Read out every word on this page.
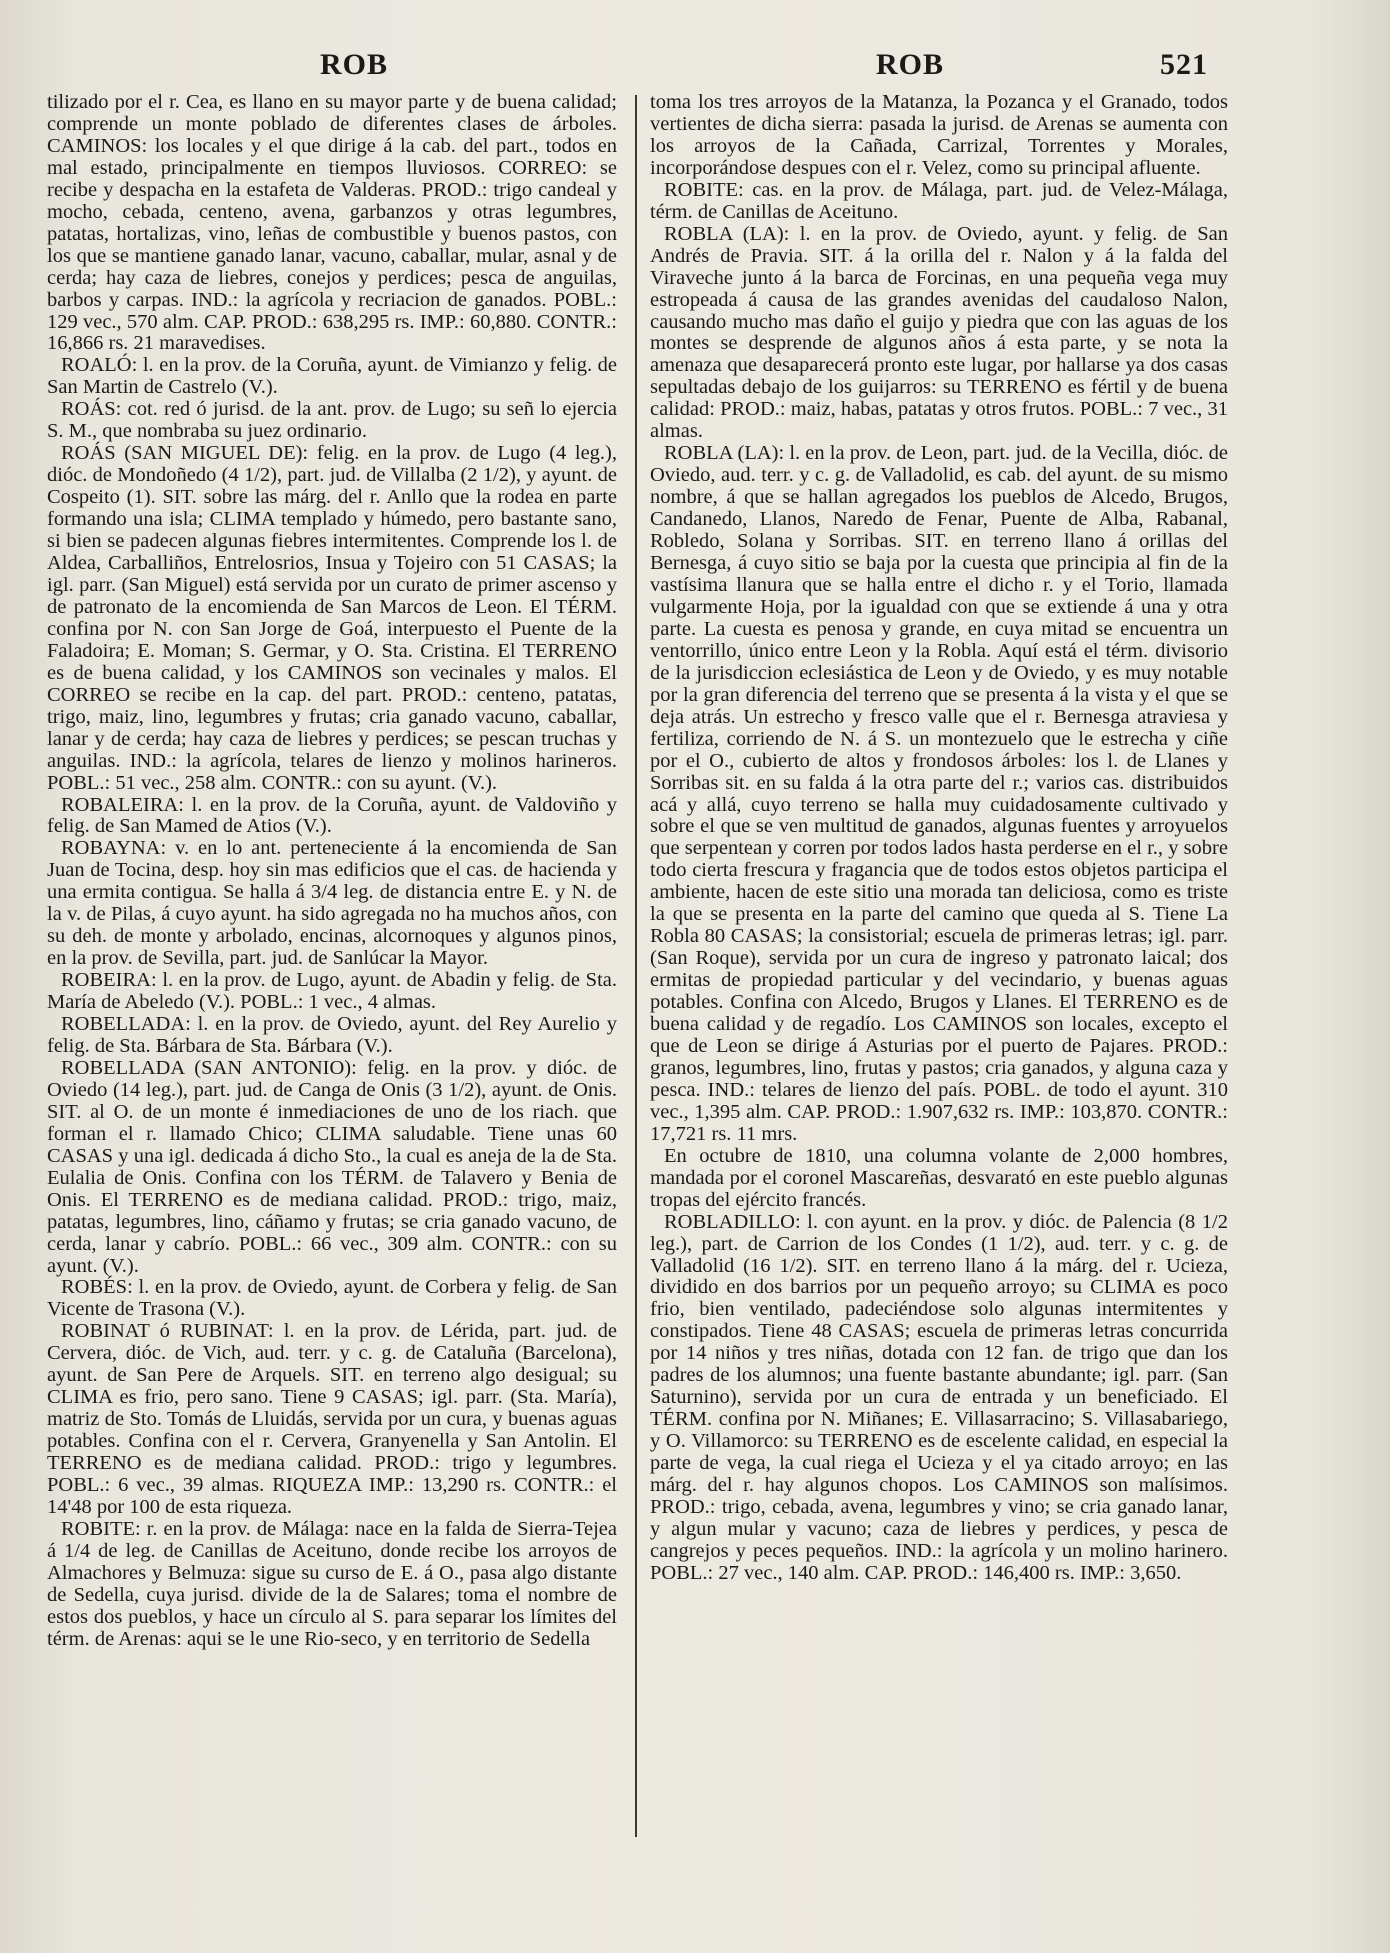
ROB	ROB	521

tilizado por el r. Cea, es llano en su mayor parte y de buena calidad; comprende un monte poblado de diferentes clases de árboles. CAMINOS: los locales y el que dirige á la cab. del part., todos en mal estado, principalmente en tiempos lluviosos. CORREO: se recibe y despacha en la estafeta de Valderas. PROD.: trigo candeal y mocho, cebada, centeno, avena, garbanzos y otras legumbres, patatas, hortalizas, vino, leñas de combustible y buenos pastos, con los que se mantiene ganado lanar, vacuno, caballar, mular, asnal y de cerda; hay caza de liebres, conejos y perdices; pesca de anguilas, barbos y carpas. IND.: la agrícola y recriacion de ganados. POBL.: 129 vec., 570 alm. CAP. PROD.: 638,295 rs. IMP.: 60,880. CONTR.: 16,866 rs. 21 maravedises.

ROALÓ: l. en la prov. de la Coruña, ayunt. de Vimianzo y felig. de San Martin de Castrelo (V.).

ROÁS: cot. red ó jurisd. de la ant. prov. de Lugo; su señ lo ejercia S. M., que nombraba su juez ordinario.

ROÁS (SAN MIGUEL DE): felig. en la prov. de Lugo (4 leg.), dióc. de Mondoñedo (4 1/2), part. jud. de Villalba (2 1/2), y ayunt. de Cospeito (1). SIT. sobre las márg. del r. Anllo que la rodea en parte formando una isla; CLIMA templado y húmedo, pero bastante sano, si bien se padecen algunas fiebres intermitentes. Comprende los l. de Aldea, Carballiños, Entrelosrios, Insua y Tojeiro con 51 CASAS; la igl. parr. (San Miguel) está servida por un curato de primer ascenso y de patronato de la encomienda de San Marcos de Leon. El TÉRM. confina por N. con San Jorge de Goá, interpuesto el Puente de la Faladoira; E. Moman; S. Germar, y O. Sta. Cristina. El TERRENO es de buena calidad, y los CAMINOS son vecinales y malos. El CORREO se recibe en la cap. del part. PROD.: centeno, patatas, trigo, maiz, lino, legumbres y frutas; cria ganado vacuno, caballar, lanar y de cerda; hay caza de liebres y perdices; se pescan truchas y anguilas. IND.: la agrícola, telares de lienzo y molinos harineros. POBL.: 51 vec., 258 alm. CONTR.: con su ayunt. (V.).

ROBALEIRA: l. en la prov. de la Coruña, ayunt. de Valdoviño y felig. de San Mamed de Atios (V.).

ROBAYNA: v. en lo ant. perteneciente á la encomienda de San Juan de Tocina, desp. hoy sin mas edificios que el cas. de hacienda y una ermita contigua. Se halla á 3/4 leg. de distancia entre E. y N. de la v. de Pilas, á cuyo ayunt. ha sido agregada no ha muchos años, con su deh. de monte y arbolado, encinas, alcornoques y algunos pinos, en la prov. de Sevilla, part. jud. de Sanlúcar la Mayor.

ROBEIRA: l. en la prov. de Lugo, ayunt. de Abadin y felig. de Sta. María de Abeledo (V.). POBL.: 1 vec., 4 almas.

ROBELLADA: l. en la prov. de Oviedo, ayunt. del Rey Aurelio y felig. de Sta. Bárbara de Sta. Bárbara (V.).

ROBELLADA (SAN ANTONIO): felig. en la prov. y dióc. de Oviedo (14 leg.), part. jud. de Canga de Onis (3 1/2), ayunt. de Onis. SIT. al O. de un monte é inmediaciones de uno de los riach. que forman el r. llamado Chico; CLIMA saludable. Tiene unas 60 CASAS y una igl. dedicada á dicho Sto., la cual es aneja de la de Sta. Eulalia de Onis. Confina con los TÉRM. de Talavero y Benia de Onis. El TERRENO es de mediana calidad. PROD.: trigo, maiz, patatas, legumbres, lino, cáñamo y frutas; se cria ganado vacuno, de cerda, lanar y cabrío. POBL.: 66 vec., 309 alm. CONTR.: con su ayunt. (V.).

ROBÉS: l. en la prov. de Oviedo, ayunt. de Corbera y felig. de San Vicente de Trasona (V.).

ROBINAT ó RUBINAT: l. en la prov. de Lérida, part. jud. de Cervera, dióc. de Vich, aud. terr. y c. g. de Cataluña (Barcelona), ayunt. de San Pere de Arquels. SIT. en terreno algo desigual; su CLIMA es frio, pero sano. Tiene 9 CASAS; igl. parr. (Sta. María), matriz de Sto. Tomás de Lluidás, servida por un cura, y buenas aguas potables. Confina con el r. Cervera, Granyenella y San Antolin. El TERRENO es de mediana calidad. PROD.: trigo y legumbres. POBL.: 6 vec., 39 almas. RIQUEZA IMP.: 13,290 rs. CONTR.: el 14'48 por 100 de esta riqueza.

ROBITE: r. en la prov. de Málaga: nace en la falda de Sierra-Tejea á 1/4 de leg. de Canillas de Aceituno, donde recibe los arroyos de Almachores y Belmuza: sigue su curso de E. á O., pasa algo distante de Sedella, cuya jurisd. divide de la de Salares; toma el nombre de estos dos pueblos, y hace un círculo al S. para separar los límites del térm. de Arenas: aqui se le une Rio-seco, y en territorio de Sedella

toma los tres arroyos de la Matanza, la Pozanca y el Granado, todos vertientes de dicha sierra: pasada la jurisd. de Arenas se aumenta con los arroyos de la Cañada, Carrizal, Torrentes y Morales, incorporándose despues con el r. Velez, como su principal afluente.

ROBITE: cas. en la prov. de Málaga, part. jud. de Velez-Málaga, térm. de Canillas de Aceituno.

ROBLA (LA): l. en la prov. de Oviedo, ayunt. y felig. de San Andrés de Pravia. SIT. á la orilla del r. Nalon y á la falda del Viraveche junto á la barca de Forcinas, en una pequeña vega muy estropeada á causa de las grandes avenidas del caudaloso Nalon, causando mucho mas daño el guijo y piedra que con las aguas de los montes se desprende de algunos años á esta parte, y se nota la amenaza que desaparecerá pronto este lugar, por hallarse ya dos casas sepultadas debajo de los guijarros: su TERRENO es fértil y de buena calidad: PROD.: maiz, habas, patatas y otros frutos. POBL.: 7 vec., 31 almas.

ROBLA (LA): l. en la prov. de Leon, part. jud. de la Vecilla, dióc. de Oviedo, aud. terr. y c. g. de Valladolid, es cab. del ayunt. de su mismo nombre, á que se hallan agregados los pueblos de Alcedo, Brugos, Candanedo, Llanos, Naredo de Fenar, Puente de Alba, Rabanal, Robledo, Solana y Sorribas. SIT. en terreno llano á orillas del Bernesga, á cuyo sitio se baja por la cuesta que principia al fin de la vastísima llanura que se halla entre el dicho r. y el Torio, llamada vulgarmente Hoja, por la igualdad con que se extiende á una y otra parte. La cuesta es penosa y grande, en cuya mitad se encuentra un ventorrillo, único entre Leon y la Robla. Aquí está el térm. divisorio de la jurisdiccion eclesiástica de Leon y de Oviedo, y es muy notable por la gran diferencia del terreno que se presenta á la vista y el que se deja atrás. Un estrecho y fresco valle que el r. Bernesga atraviesa y fertiliza, corriendo de N. á S. un montezuelo que le estrecha y ciñe por el O., cubierto de altos y frondosos árboles: los l. de Llanes y Sorribas sit. en su falda á la otra parte del r.; varios cas. distribuidos acá y allá, cuyo terreno se halla muy cuidadosamente cultivado y sobre el que se ven multitud de ganados, algunas fuentes y arroyuelos que serpentean y corren por todos lados hasta perderse en el r., y sobre todo cierta frescura y fragancia que de todos estos objetos participa el ambiente, hacen de este sitio una morada tan deliciosa, como es triste la que se presenta en la parte del camino que queda al S. Tiene La Robla 80 CASAS; la consistorial; escuela de primeras letras; igl. parr. (San Roque), servida por un cura de ingreso y patronato laical; dos ermitas de propiedad particular y del vecindario, y buenas aguas potables. Confina con Alcedo, Brugos y Llanes. El TERRENO es de buena calidad y de regadío. Los CAMINOS son locales, excepto el que de Leon se dirige á Asturias por el puerto de Pajares. PROD.: granos, legumbres, lino, frutas y pastos; cria ganados, y alguna caza y pesca. IND.: telares de lienzo del país. POBL. de todo el ayunt. 310 vec., 1,395 alm. CAP. PROD.: 1.907,632 rs. IMP.: 103,870. CONTR.: 17,721 rs. 11 mrs.

En octubre de 1810, una columna volante de 2,000 hombres, mandada por el coronel Mascareñas, desvarató en este pueblo algunas tropas del ejército francés.

ROBLADILLO: l. con ayunt. en la prov. y dióc. de Palencia (8 1/2 leg.), part. de Carrion de los Condes (1 1/2), aud. terr. y c. g. de Valladolid (16 1/2). SIT. en terreno llano á la márg. del r. Ucieza, dividido en dos barrios por un pequeño arroyo; su CLIMA es poco frio, bien ventilado, padeciéndose solo algunas intermitentes y constipados. Tiene 48 CASAS; escuela de primeras letras concurrida por 14 niños y tres niñas, dotada con 12 fan. de trigo que dan los padres de los alumnos; una fuente bastante abundante; igl. parr. (San Saturnino), servida por un cura de entrada y un beneficiado. El TÉRM. confina por N. Miñanes; E. Villasarracino; S. Villasabariego, y O. Villamorco: su TERRENO es de escelente calidad, en especial la parte de vega, la cual riega el Ucieza y el ya citado arroyo; en las márg. del r. hay algunos chopos. Los CAMINOS son malísimos. PROD.: trigo, cebada, avena, legumbres y vino; se cria ganado lanar, y algun mular y vacuno; caza de liebres y perdices, y pesca de cangrejos y peces pequeños. IND.: la agrícola y un molino harinero. POBL.: 27 vec., 140 alm. CAP. PROD.: 146,400 rs. IMP.: 3,650.
